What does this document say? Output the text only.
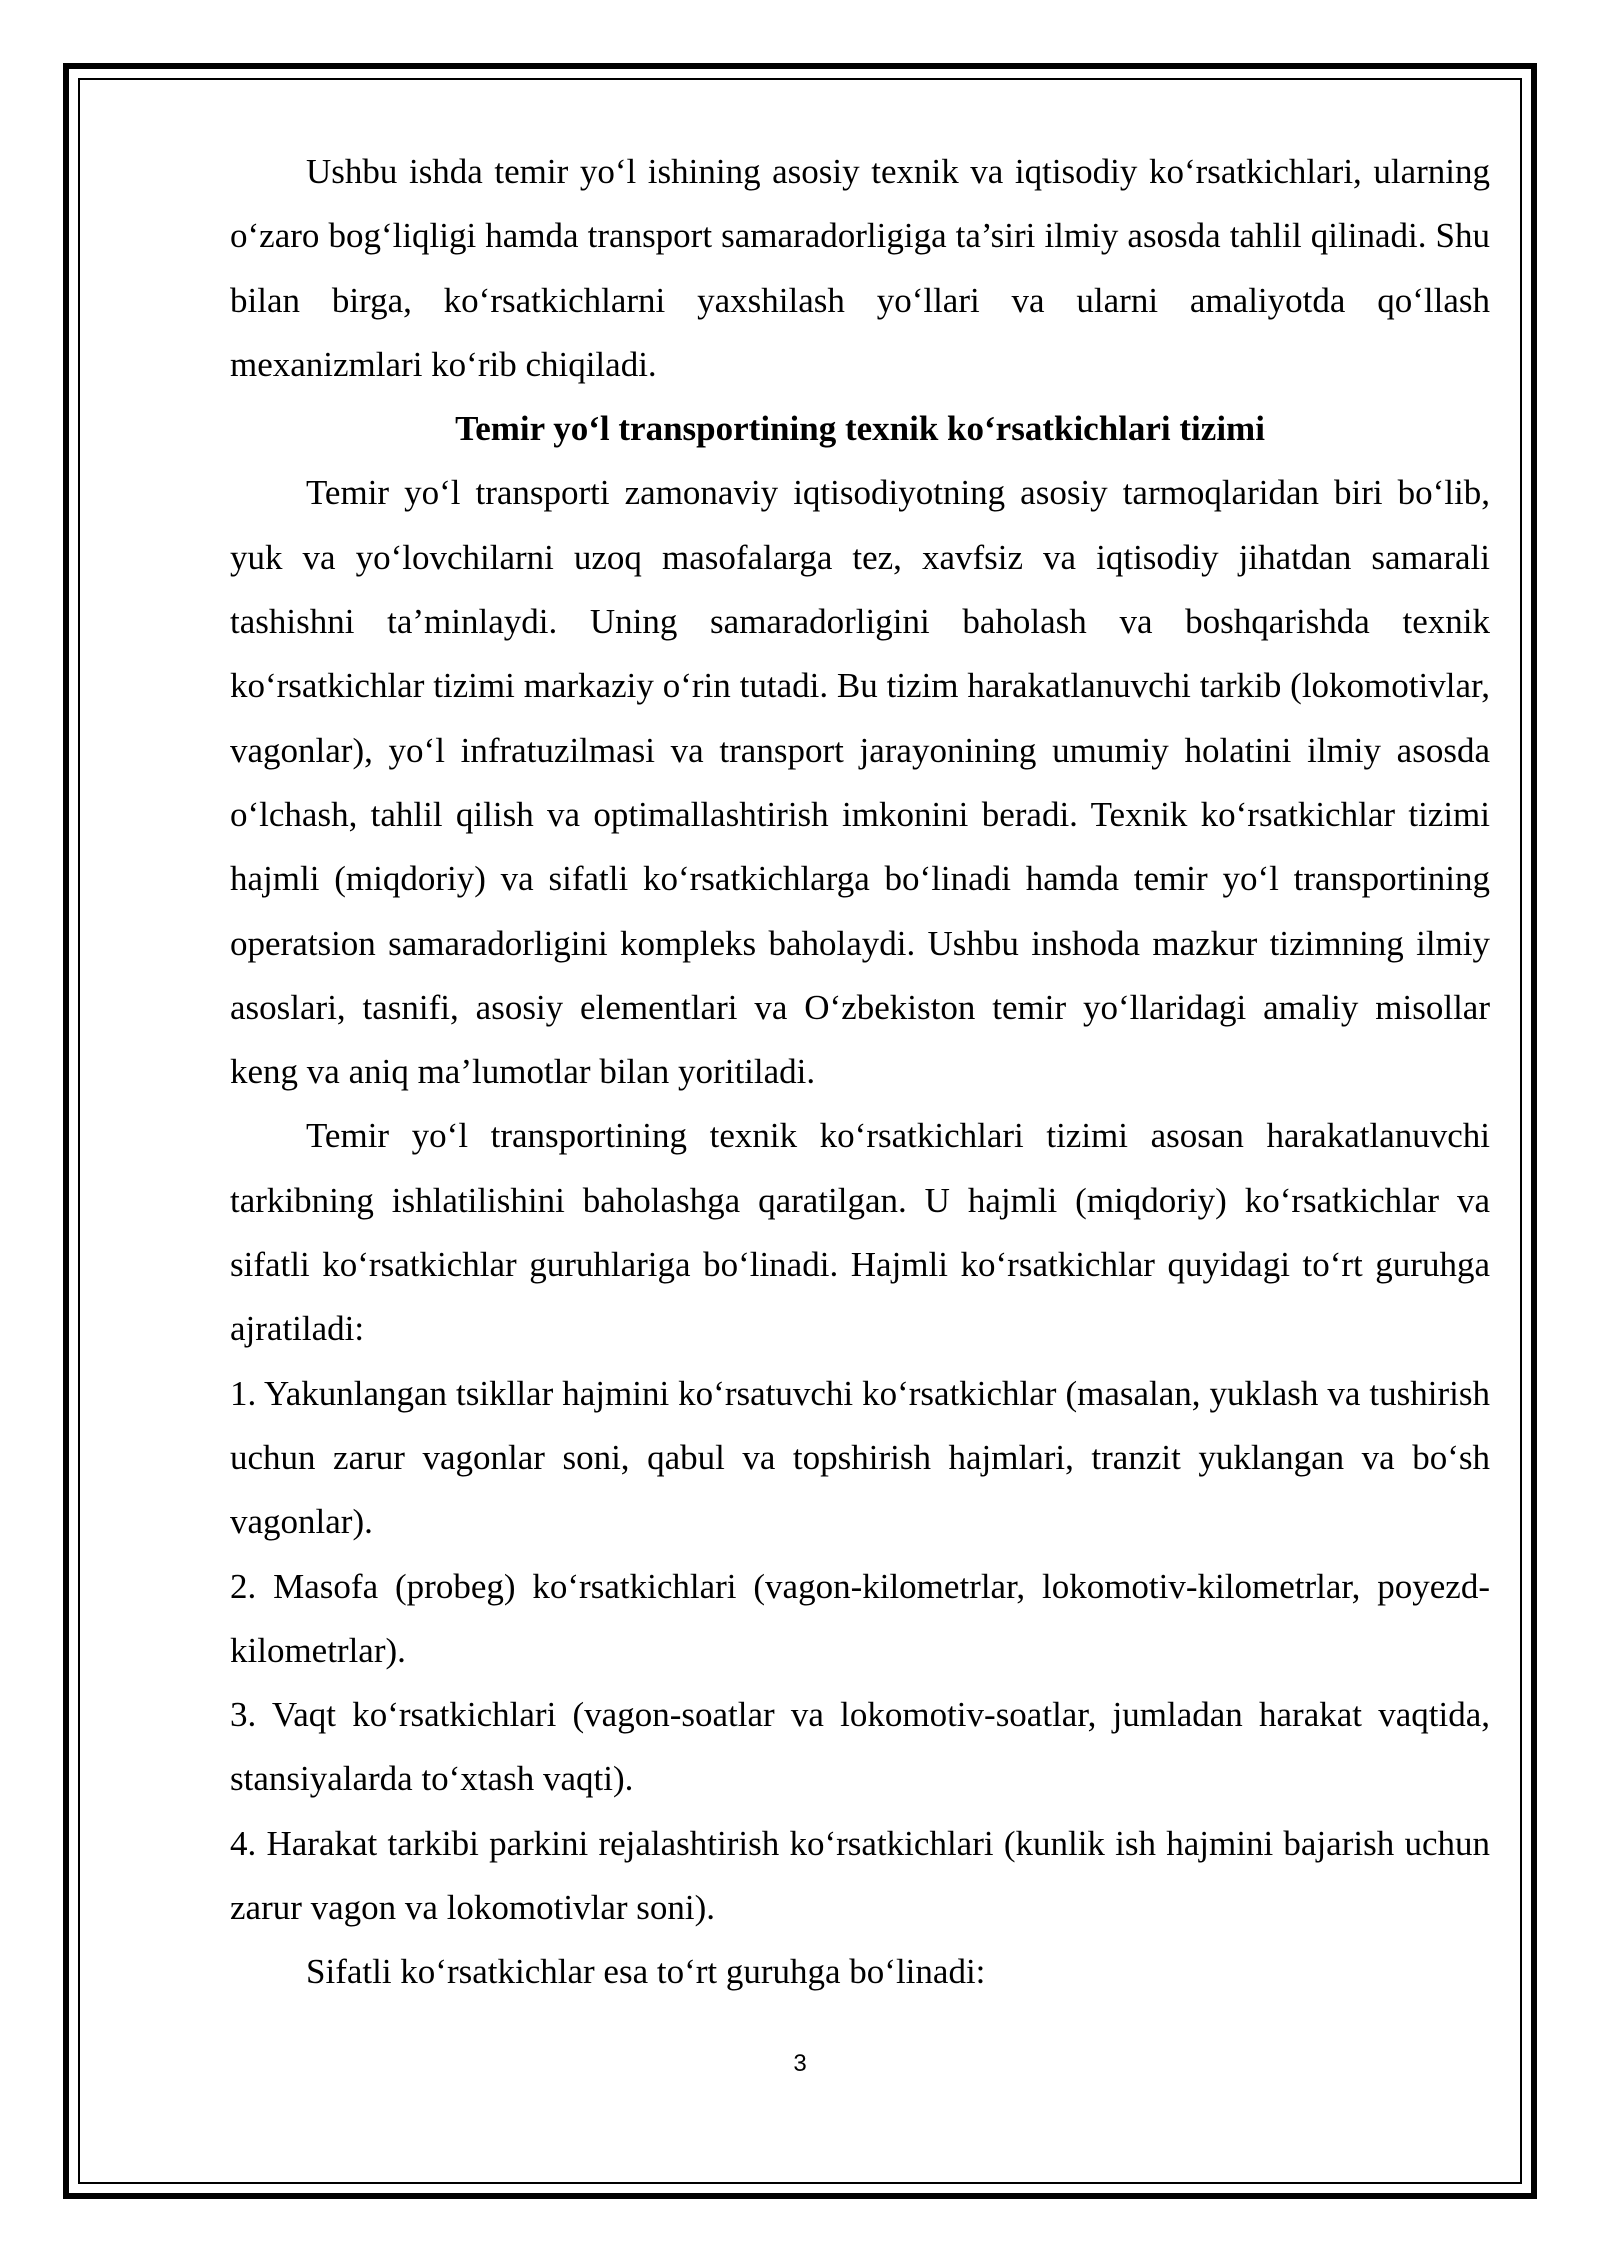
Ushbu ishda temir yo‘l ishining asosiy texnik va iqtisodiy ko‘rsatkichlari, ularning o‘zaro bog‘liqligi hamda transport samaradorligiga ta’siri ilmiy asosda tahlil qilinadi. Shu bilan birga, ko‘rsatkichlarni yaxshilash yo‘llari va ularni amaliyotda qo‘llash mexanizmlari ko‘rib chiqiladi.

Temir yo‘l transportining texnik ko‘rsatkichlari tizimi

Temir yo‘l transporti zamonaviy iqtisodiyotning asosiy tarmoqlaridan biri bo‘lib, yuk va yo‘lovchilarni uzoq masofalarga tez, xavfsiz va iqtisodiy jihatdan samarali tashishni ta’minlaydi. Uning samaradorligini baholash va boshqarishda texnik ko‘rsatkichlar tizimi markaziy o‘rin tutadi. Bu tizim harakatlanuvchi tarkib (lokomotivlar, vagonlar), yo‘l infratuzilmasi va transport jarayonining umumiy holatini ilmiy asosda o‘lchash, tahlil qilish va optimallashtirish imkonini beradi. Texnik ko‘rsatkichlar tizimi hajmli (miqdoriy) va sifatli ko‘rsatkichlarga bo‘linadi hamda temir yo‘l transportining operatsion samaradorligini kompleks baholaydi. Ushbu inshoda mazkur tizimning ilmiy asoslari, tasnifi, asosiy elementlari va O‘zbekiston temir yo‘llaridagi amaliy misollar keng va aniq ma’lumotlar bilan yoritiladi.

Temir yo‘l transportining texnik ko‘rsatkichlari tizimi asosan harakatlanuvchi tarkibning ishlatilishini baholashga qaratilgan. U hajmli (miqdoriy) ko‘rsatkichlar va sifatli ko‘rsatkichlar guruhlariga bo‘linadi. Hajmli ko‘rsatkichlar quyidagi to‘rt guruhga ajratiladi:

1. Yakunlangan tsikllar hajmini ko‘rsatuvchi ko‘rsatkichlar (masalan, yuklash va tushirish uchun zarur vagonlar soni, qabul va topshirish hajmlari, tranzit yuklangan va bo‘sh vagonlar).

2. Masofa (probeg) ko‘rsatkichlari (vagon-kilometrlar, lokomotiv-kilometrlar, poyezd-kilometrlar).

3. Vaqt ko‘rsatkichlari (vagon-soatlar va lokomotiv-soatlar, jumladan harakat vaqtida, stansiyalarda to‘xtash vaqti).

4. Harakat tarkibi parkini rejalashtirish ko‘rsatkichlari (kunlik ish hajmini bajarish uchun zarur vagon va lokomotivlar soni).

Sifatli ko‘rsatkichlar esa to‘rt guruhga bo‘linadi:

3
